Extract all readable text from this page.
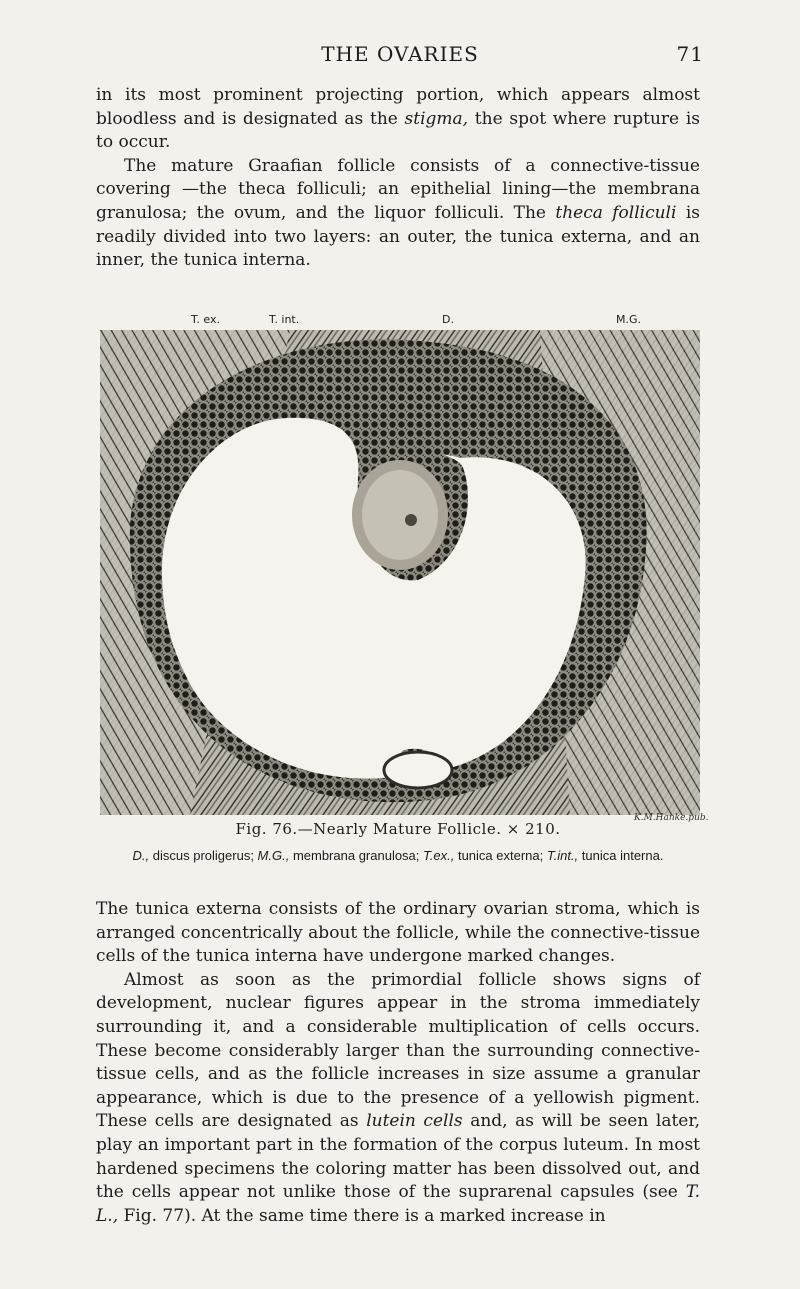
THE OVARIES	71

in its most prominent projecting portion, which appears almost bloodless and is designated as the stigma, the spot where rupture is to occur.

The mature Graafian follicle consists of a connective-tissue covering —the theca folliculi; an epithelial lining—the membrana granulosa; the ovum, and the liquor folliculi. The theca folliculi is readily divided into two layers: an outer, the tunica externa, and an inner, the tunica interna.

T. ex.	T. int.	D.	M.G.
K.M.Hanke.pub.
Fig. 76.—Nearly Mature Follicle. × 210.
D., discus proligerus; M.G., membrana granulosa; T.ex., tunica externa; T.int., tunica interna.

The tunica externa consists of the ordinary ovarian stroma, which is arranged concentrically about the follicle, while the connective-tissue cells of the tunica interna have undergone marked changes.

Almost as soon as the primordial follicle shows signs of development, nuclear figures appear in the stroma immediately surrounding it, and a considerable multiplication of cells occurs. These become considerably larger than the surrounding connective-tissue cells, and as the follicle increases in size assume a granular appearance, which is due to the presence of a yellowish pigment. These cells are designated as lutein cells and, as will be seen later, play an important part in the formation of the corpus luteum. In most hardened specimens the coloring matter has been dissolved out, and the cells appear not unlike those of the suprarenal capsules (see T. L., Fig. 77). At the same time there is a marked increase in
